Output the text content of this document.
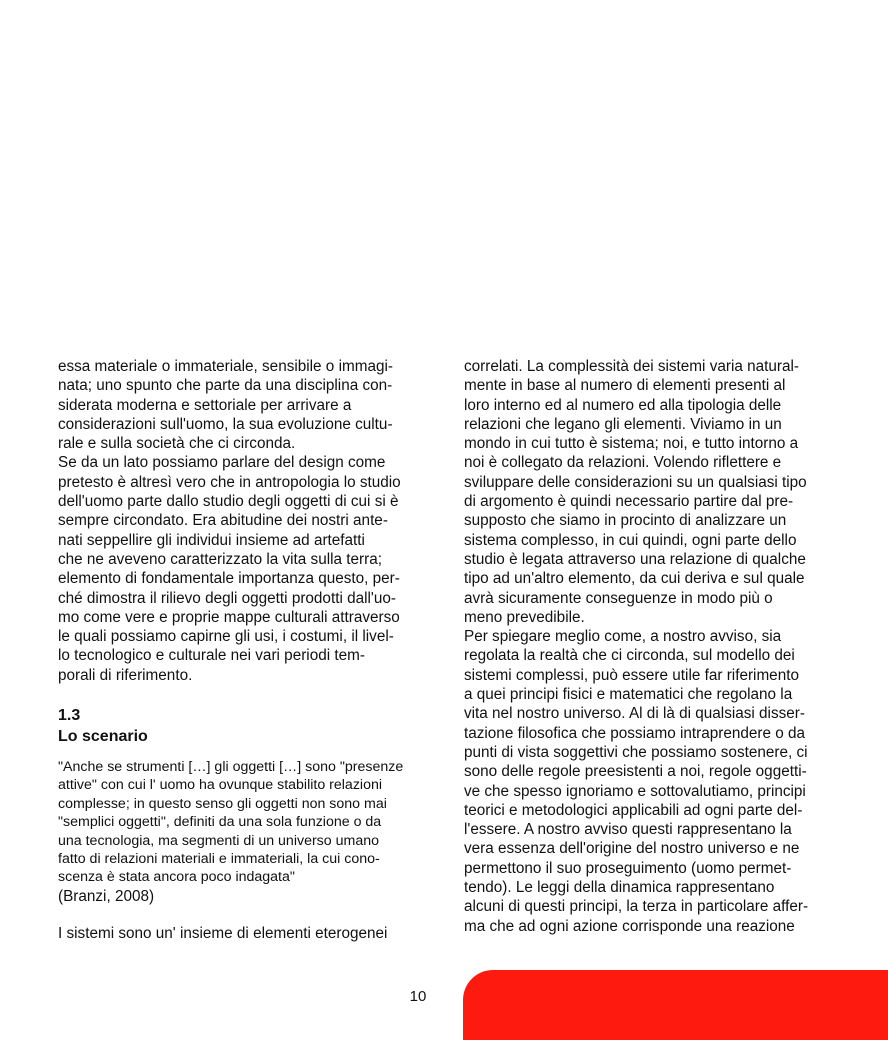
essa materiale o immateriale, sensibile o immagi-
nata; uno spunto che parte da una disciplina con-
siderata moderna e settoriale per arrivare a
considerazioni sull'uomo, la sua evoluzione cultu-
rale e sulla società che ci circonda.
Se da un lato possiamo parlare del design come
pretesto è altresì vero che in antropologia lo studio
dell'uomo parte dallo studio degli oggetti di cui si è
sempre circondato. Era abitudine dei nostri ante-
nati seppellire gli individui insieme ad artefatti
che ne aveveno caratterizzato la vita sulla terra;
elemento di fondamentale importanza questo, per-
ché dimostra il rilievo degli oggetti prodotti dall'uo-
mo come vere e proprie mappe culturali attraverso
le quali possiamo capirne gli usi, i costumi, il livel-
lo tecnologico e culturale nei vari periodi tem-
porali di riferimento.
1.3
Lo scenario
"Anche se strumenti […] gli oggetti […] sono "presenze
attive" con cui l' uomo ha ovunque stabilito relazioni
complesse; in questo senso gli oggetti non sono mai
"semplici oggetti", definiti da una sola funzione o da
una tecnologia, ma segmenti di un universo umano
fatto di relazioni materiali e immateriali, la cui cono-
scenza è stata ancora poco indagata"
(Branzi, 2008)
I sistemi sono un' insieme di elementi eterogenei
correlati. La complessità dei sistemi varia natural-
mente in base al numero di elementi presenti al
loro interno ed al numero ed alla tipologia delle
relazioni che legano gli elementi. Viviamo in un
mondo in cui tutto è sistema; noi, e tutto intorno a
noi è collegato da relazioni. Volendo riflettere e
sviluppare delle considerazioni su un qualsiasi tipo
di argomento è quindi necessario partire dal pre-
supposto che siamo in procinto di analizzare un
sistema complesso, in cui quindi, ogni parte dello
studio è legata attraverso una relazione di qualche
tipo ad un'altro elemento, da cui deriva e sul quale
avrà sicuramente conseguenze in modo più o
meno prevedibile.
Per spiegare meglio come, a nostro avviso, sia
regolata la realtà che ci circonda, sul modello dei
sistemi complessi, può essere utile far riferimento
a quei principi fisici e matematici che regolano la
vita nel nostro universo. Al di là di qualsiasi disser-
tazione filosofica che possiamo intraprendere o da
punti di vista soggettivi che possiamo sostenere, ci
sono delle regole preesistenti a noi, regole oggetti-
ve che spesso ignoriamo e sottovalutiamo, principi
teorici e metodologici applicabili ad ogni parte del-
l'essere. A nostro avviso questi rappresentano la
vera essenza dell'origine del nostro universo e ne
permettono il suo proseguimento (uomo permet-
tendo). Le leggi della dinamica rappresentano
alcuni di questi principi, la terza in particolare affer-
ma che ad ogni azione corrisponde una reazione
10
